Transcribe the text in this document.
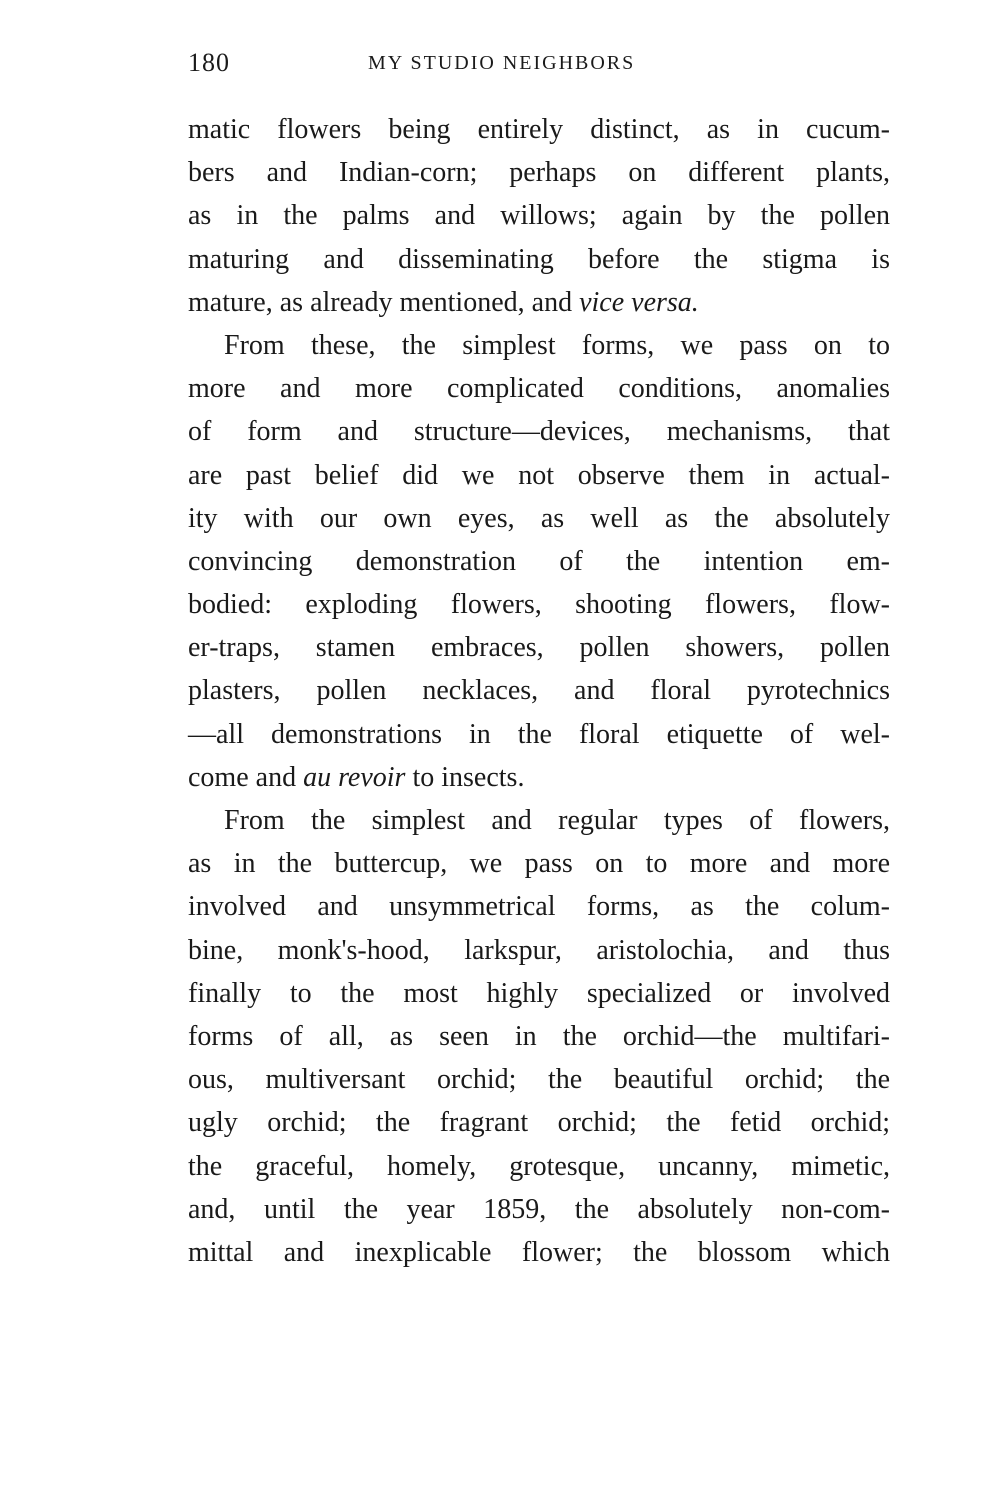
180	MY STUDIO NEIGHBORS
matic flowers being entirely distinct, as in cucum-
bers and Indian-corn; perhaps on different plants,
as in the palms and willows; again by the pollen
maturing and disseminating before the stigma is
mature, as already mentioned, and vice versa.
From these, the simplest forms, we pass on to
more and more complicated conditions, anomalies
of form and structure—devices, mechanisms, that
are past belief did we not observe them in actual-
ity with our own eyes, as well as the absolutely
convincing demonstration of the intention em-
bodied: exploding flowers, shooting flowers, flow-
er-traps, stamen embraces, pollen showers, pollen
plasters, pollen necklaces, and floral pyrotechnics
—all demonstrations in the floral etiquette of wel-
come and au revoir to insects.
From the simplest and regular types of flowers,
as in the buttercup, we pass on to more and more
involved and unsymmetrical forms, as the colum-
bine, monk's-hood, larkspur, aristolochia, and thus
finally to the most highly specialized or involved
forms of all, as seen in the orchid—the multifari-
ous, multiversant orchid; the beautiful orchid; the
ugly orchid; the fragrant orchid; the fetid orchid;
the graceful, homely, grotesque, uncanny, mimetic,
and, until the year 1859, the absolutely non-com-
mittal and inexplicable flower; the blossom which
